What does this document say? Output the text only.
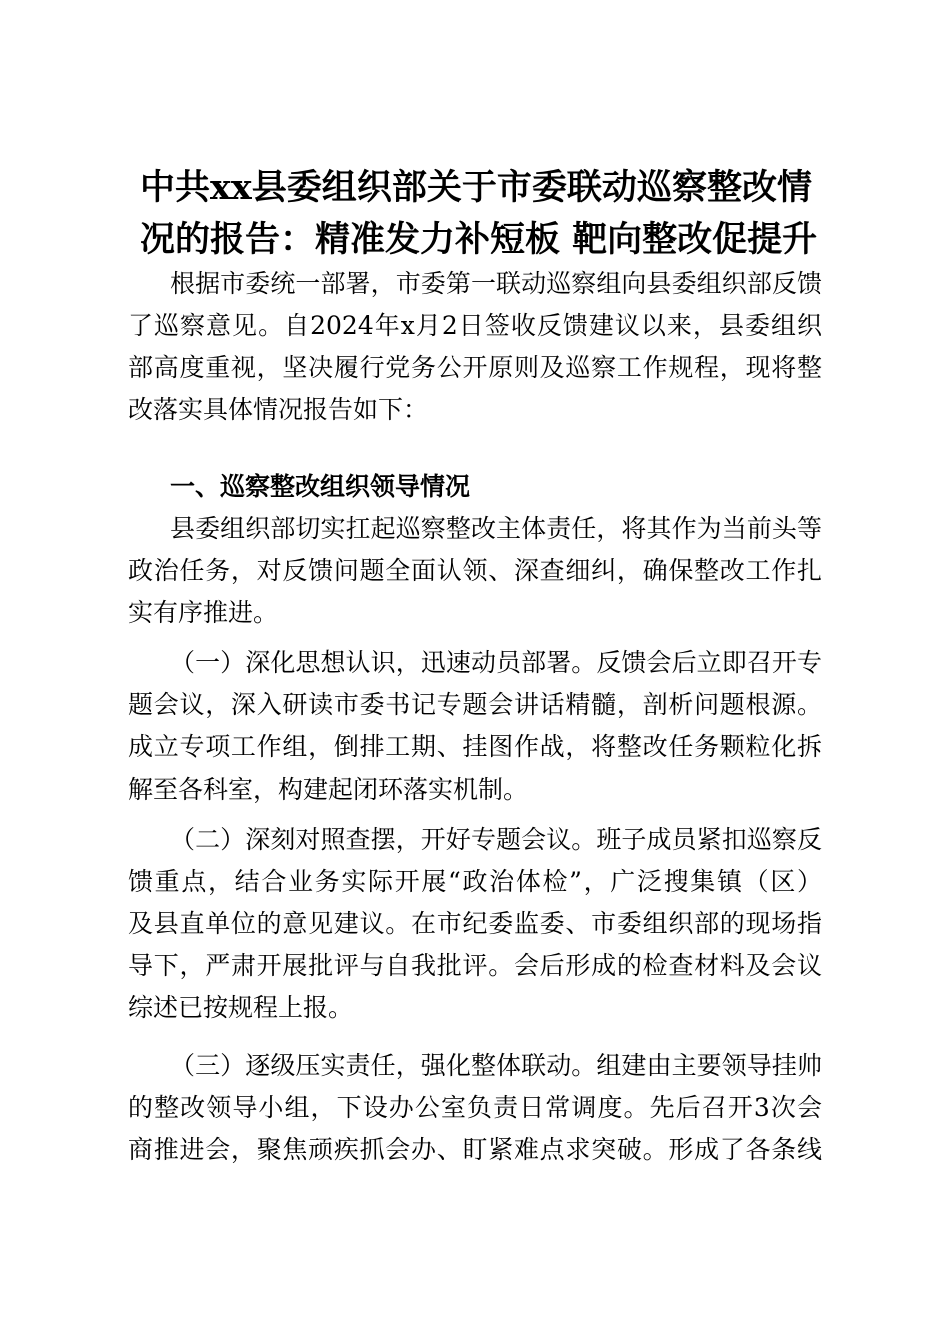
中共xx县委组织部关于市委联动巡察整改情
况的报告：精准发力补短板 靶向整改促提升
根据市委统一部署，市委第一联动巡察组向县委组织部反馈
了巡察意见。自2024年x月2日签收反馈建议以来，县委组织
部高度重视，坚决履行党务公开原则及巡察工作规程，现将整
改落实具体情况报告如下：
一、巡察整改组织领导情况
县委组织部切实扛起巡察整改主体责任，将其作为当前头等
政治任务，对反馈问题全面认领、深查细纠，确保整改工作扎
实有序推进。
（一）深化思想认识，迅速动员部署。反馈会后立即召开专
题会议，深入研读市委书记专题会讲话精髓，剖析问题根源。
成立专项工作组，倒排工期、挂图作战，将整改任务颗粒化拆
解至各科室，构建起闭环落实机制。
（二）深刻对照查摆，开好专题会议。班子成员紧扣巡察反
馈重点，结合业务实际开展“政治体检”，广泛搜集镇（区）
及县直单位的意见建议。在市纪委监委、市委组织部的现场指
导下，严肃开展批评与自我批评。会后形成的检查材料及会议
综述已按规程上报。
（三）逐级压实责任，强化整体联动。组建由主要领导挂帅
的整改领导小组，下设办公室负责日常调度。先后召开3次会
商推进会，聚焦顽疾抓会办、盯紧难点求突破。形成了各条线
